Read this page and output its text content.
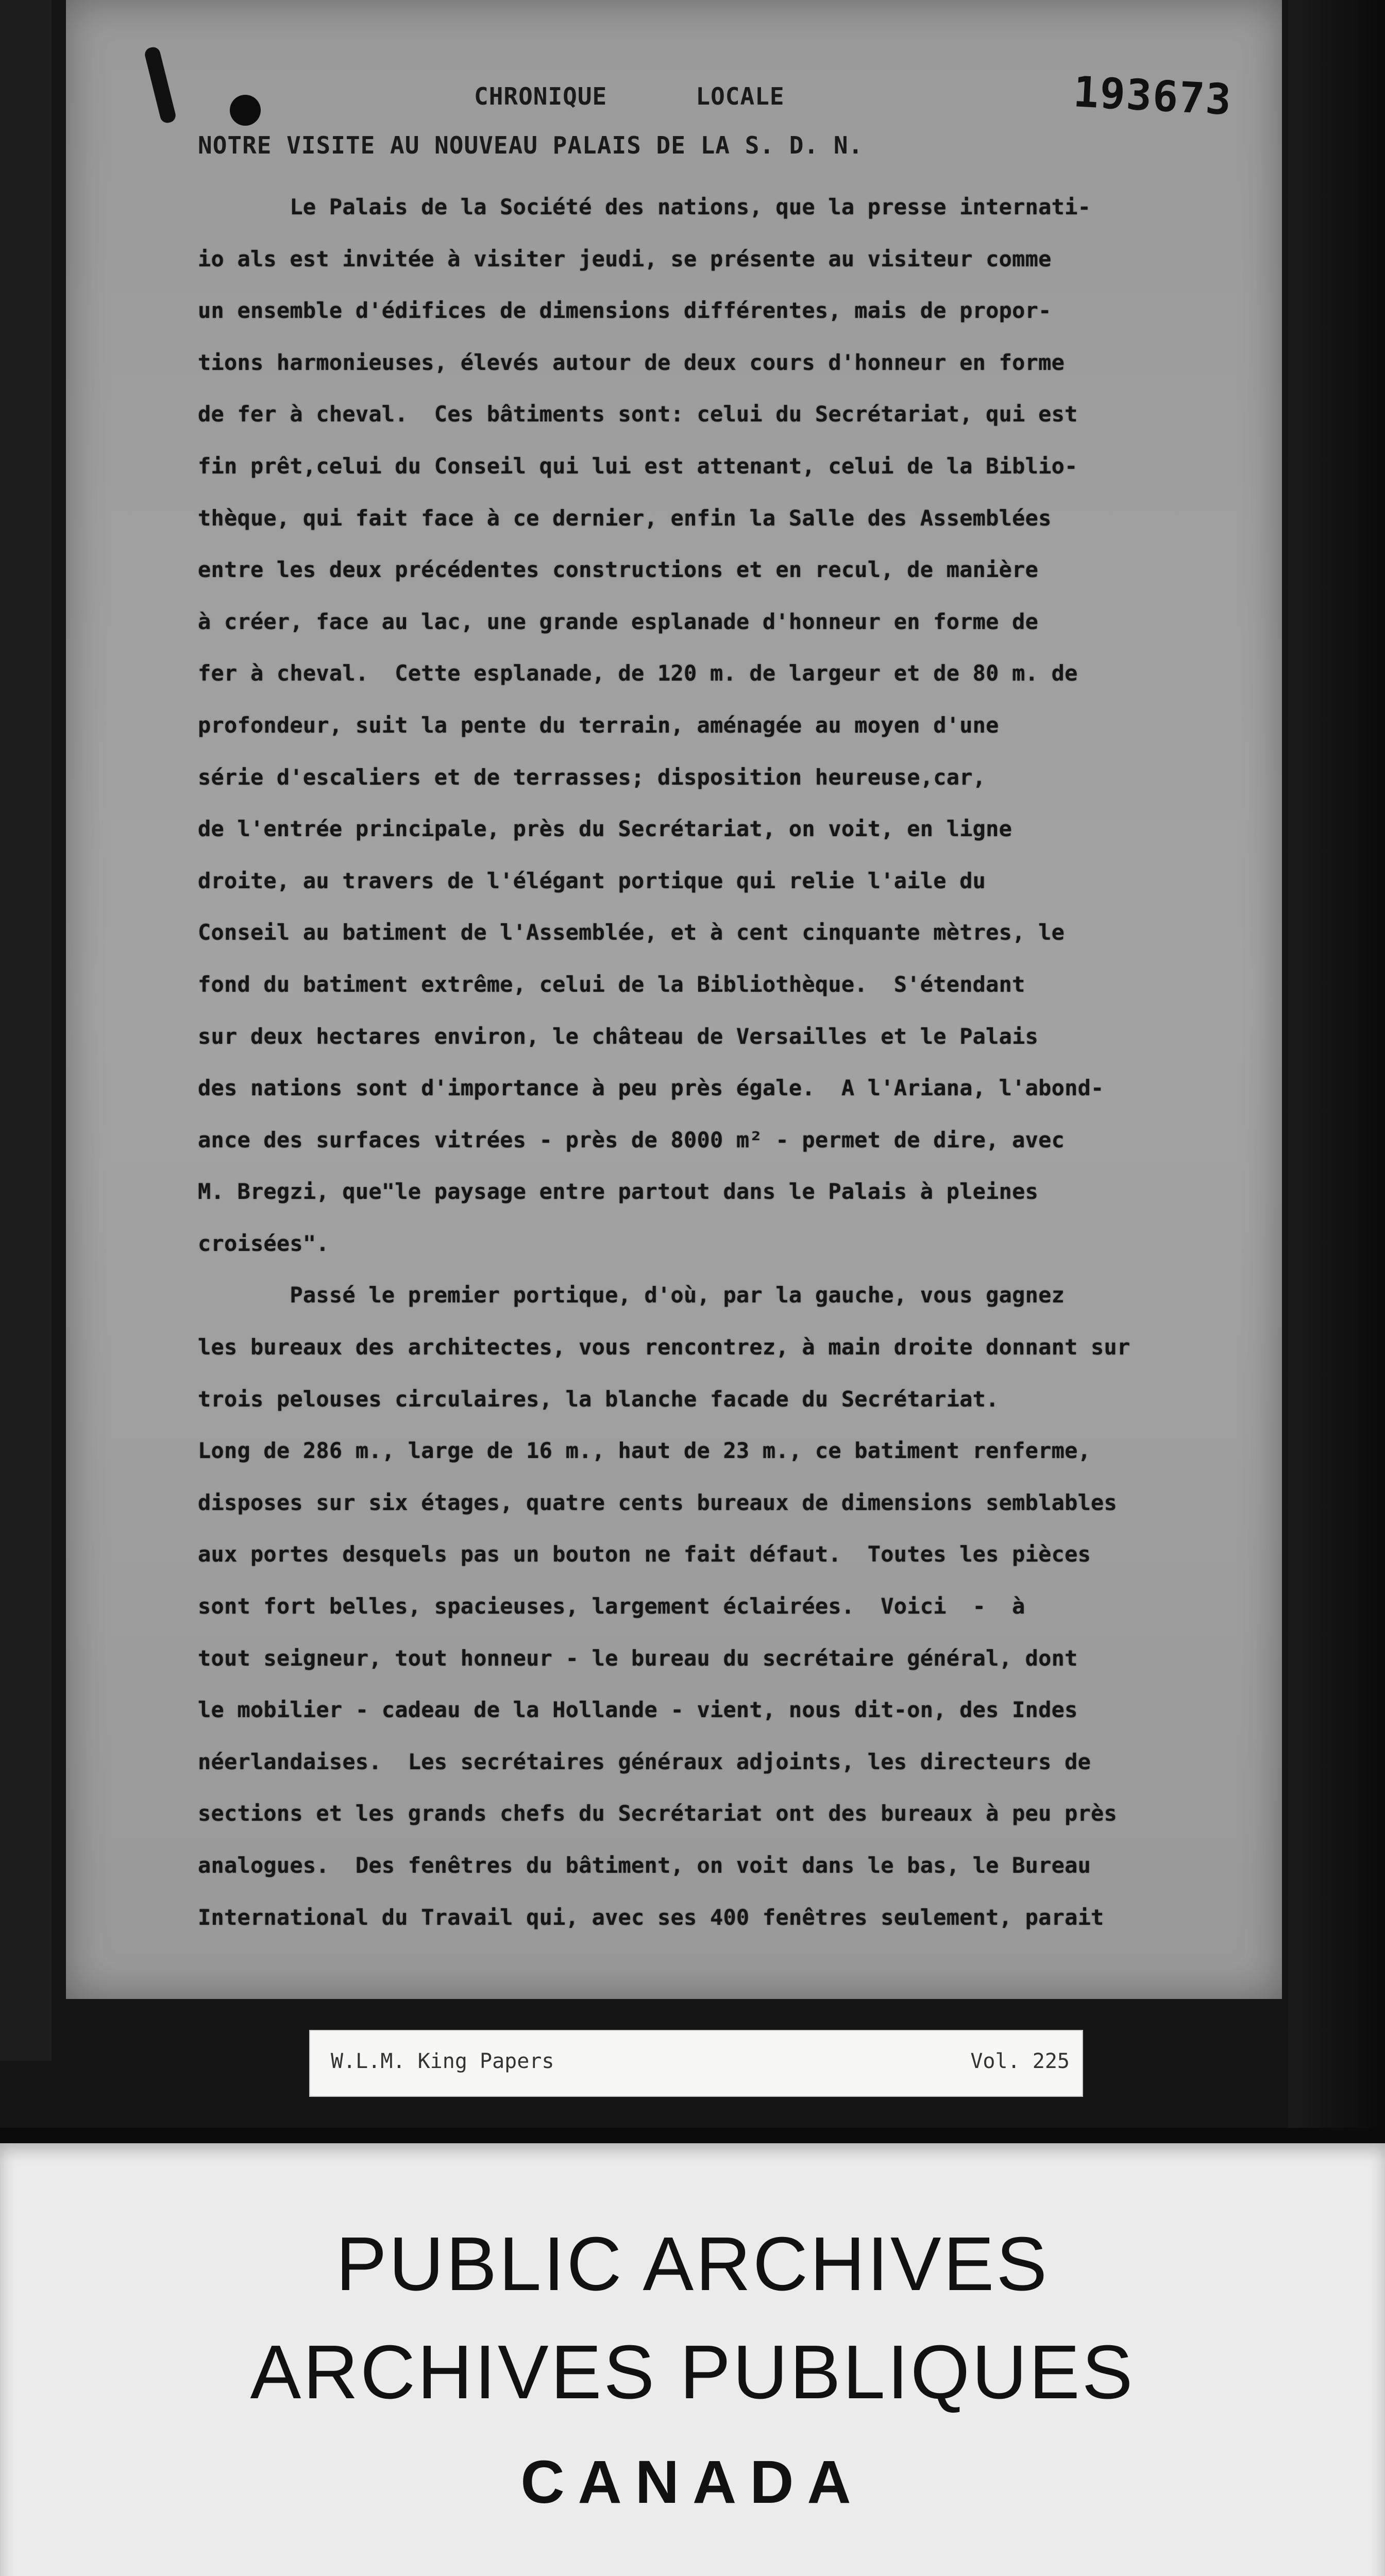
193673
CHRONIQUE      LOCALE
NOTRE VISITE AU NOUVEAU PALAIS DE LA S. D. N.
Le Palais de la Société des nations, que la presse internati-
io als est invitée à visiter jeudi, se présente au visiteur comme
un ensemble d'édifices de dimensions différentes, mais de propor-
tions harmonieuses, élevés autour de deux cours d'honneur en forme
de fer à cheval.  Ces bâtiments sont: celui du Secrétariat, qui est
fin prêt,celui du Conseil qui lui est attenant, celui de la Biblio-
thèque, qui fait face à ce dernier, enfin la Salle des Assemblées
entre les deux précédentes constructions et en recul, de manière
à créer, face au lac, une grande esplanade d'honneur en forme de
fer à cheval.  Cette esplanade, de 120 m. de largeur et de 80 m. de
profondeur, suit la pente du terrain, aménagée au moyen d'une
série d'escaliers et de terrasses; disposition heureuse,car,
de l'entrée principale, près du Secrétariat, on voit, en ligne
droite, au travers de l'élégant portique qui relie l'aile du
Conseil au batiment de l'Assemblée, et à cent cinquante mètres, le
fond du batiment extrême, celui de la Bibliothèque.  S'étendant
sur deux hectares environ, le château de Versailles et le Palais
des nations sont d'importance à peu près égale.  A l'Ariana, l'abond-
ance des surfaces vitrées - près de 8000 m² - permet de dire, avec
M. Bregzi, que"le paysage entre partout dans le Palais à pleines
croisées".
Passé le premier portique, d'où, par la gauche, vous gagnez
les bureaux des architectes, vous rencontrez, à main droite donnant sur
trois pelouses circulaires, la blanche facade du Secrétariat.
Long de 286 m., large de 16 m., haut de 23 m., ce batiment renferme,
disposes sur six étages, quatre cents bureaux de dimensions semblables
aux portes desquels pas un bouton ne fait défaut.  Toutes les pièces
sont fort belles, spacieuses, largement éclairées.  Voici  -  à
tout seigneur, tout honneur - le bureau du secrétaire général, dont
le mobilier - cadeau de la Hollande - vient, nous dit-on, des Indes
néerlandaises.  Les secrétaires généraux adjoints, les directeurs de
sections et les grands chefs du Secrétariat ont des bureaux à peu près
analogues.  Des fenêtres du bâtiment, on voit dans le bas, le Bureau
International du Travail qui, avec ses 400 fenêtres seulement, parait
W.L.M. King Papers	Vol. 225
PUBLIC ARCHIVES
ARCHIVES PUBLIQUES
CANADA
